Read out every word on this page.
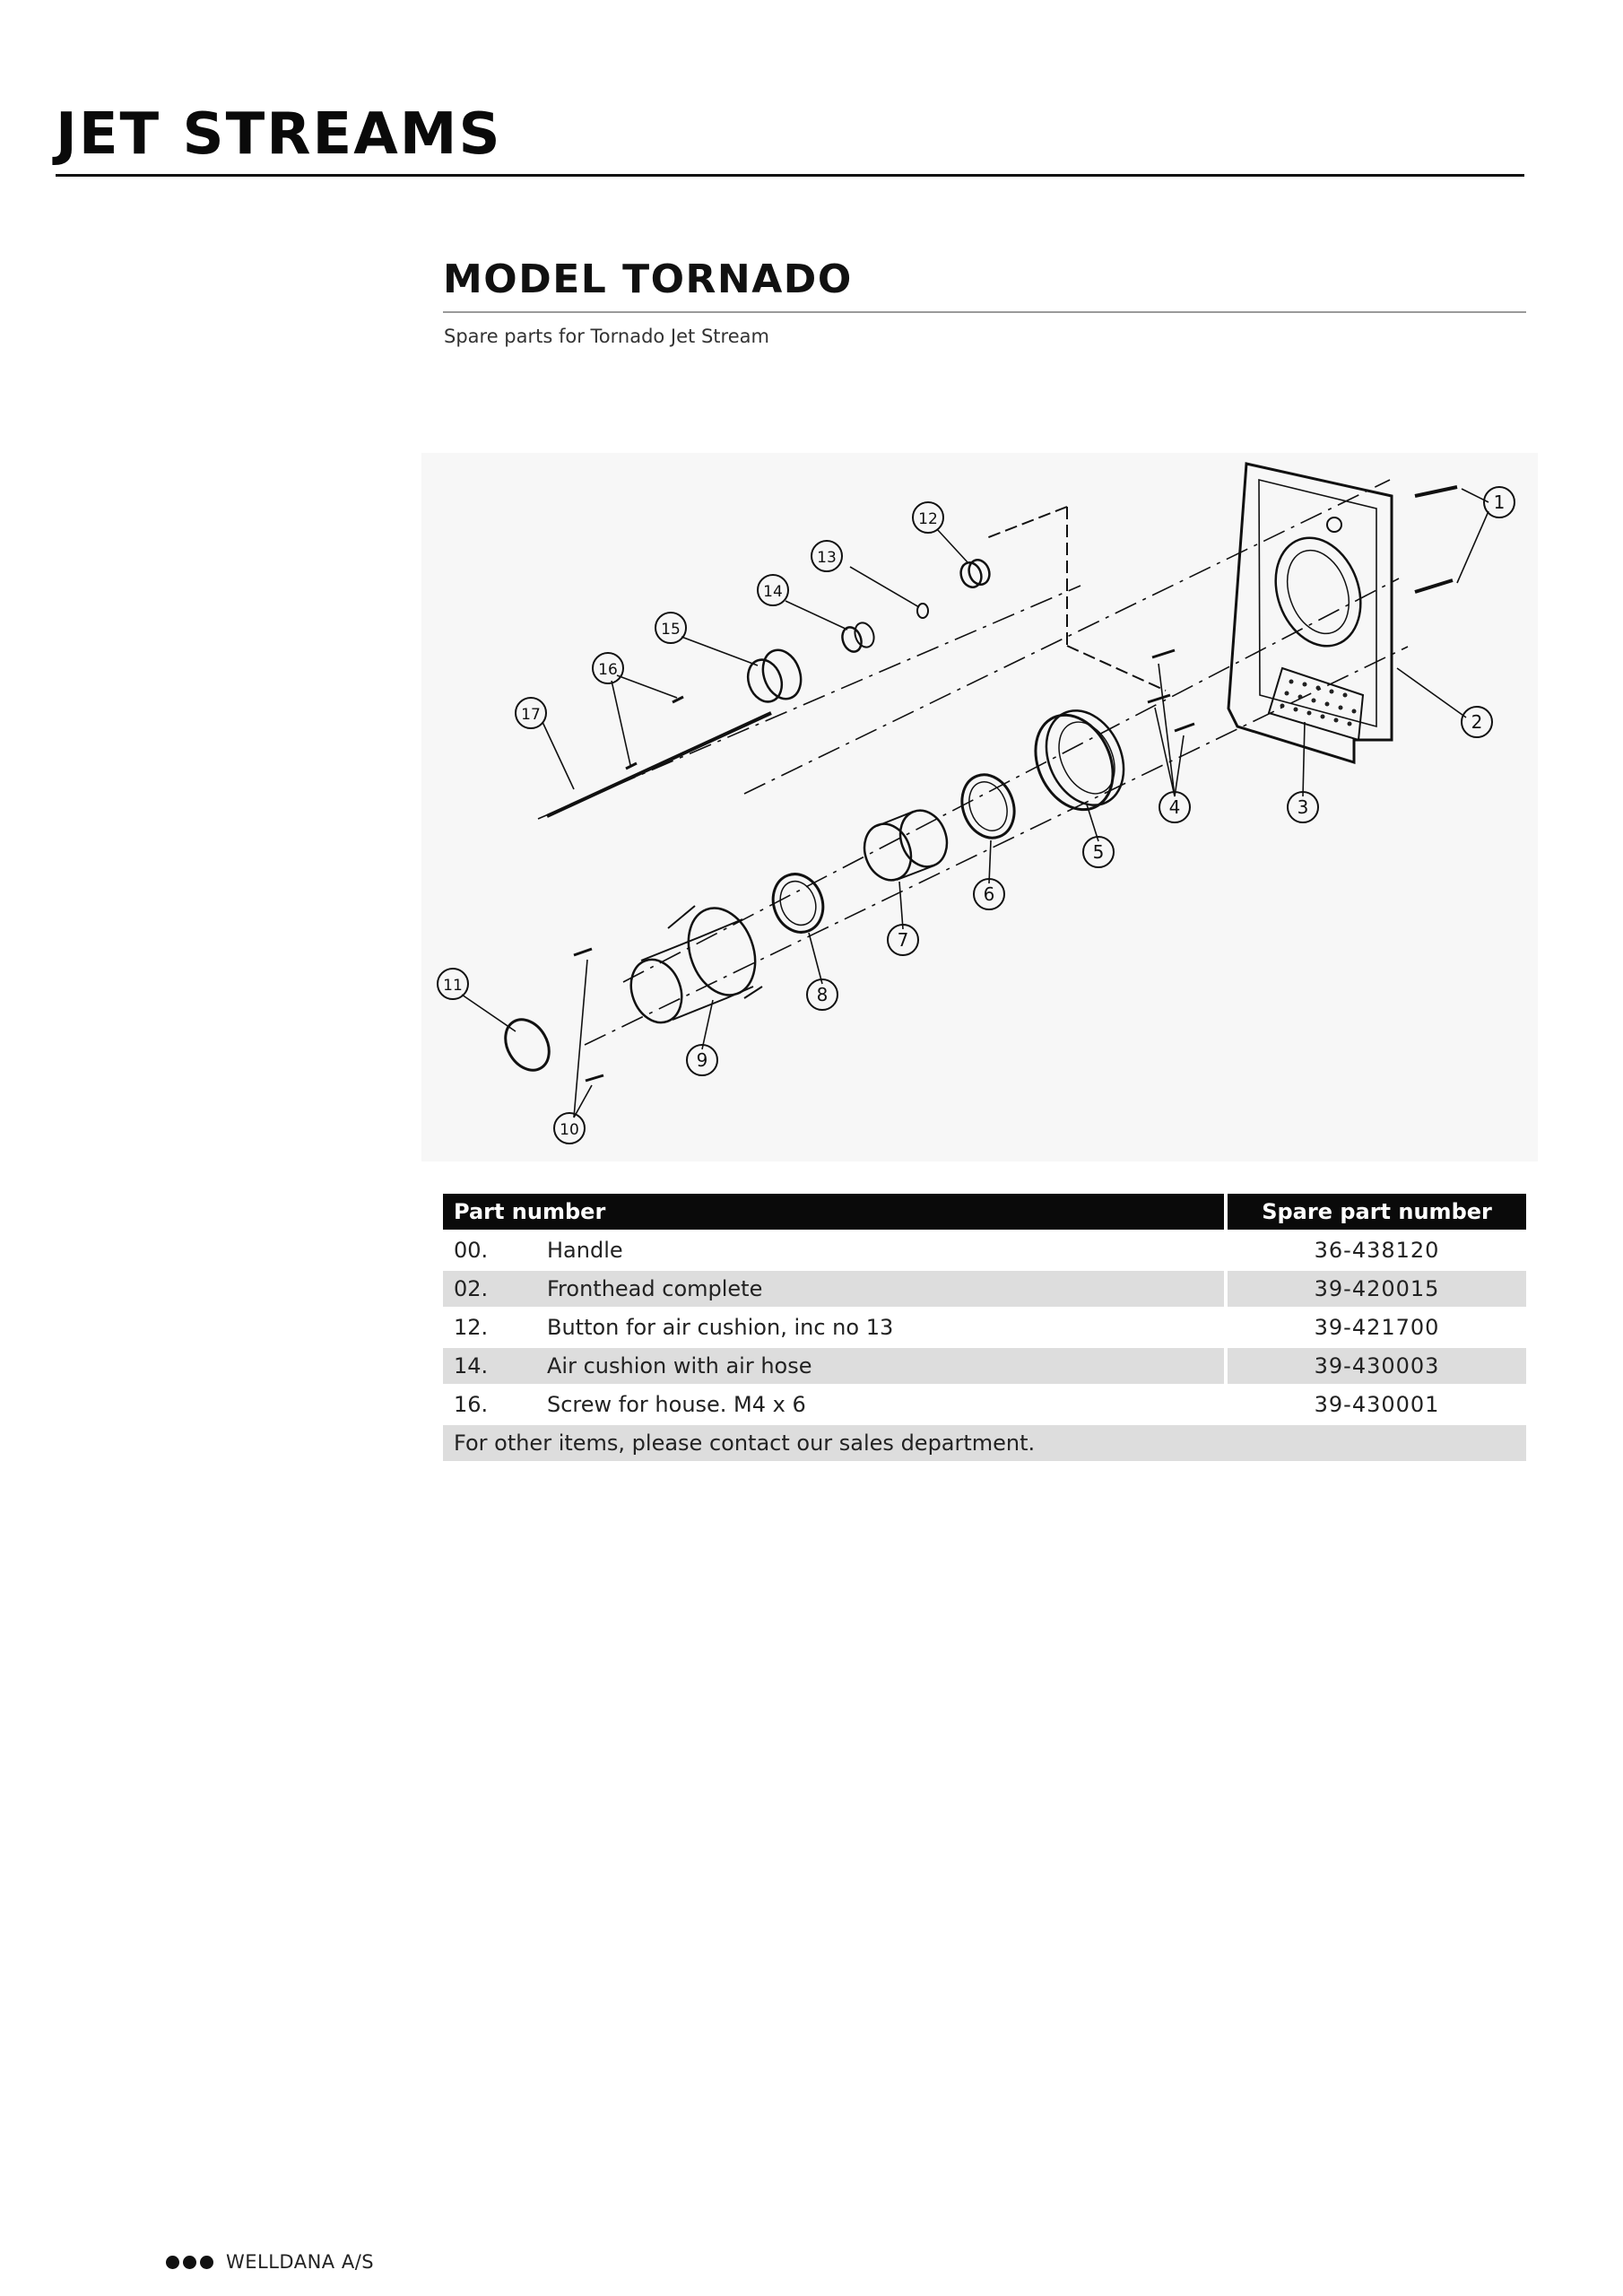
JET STREAMS
MODEL TORNADO
Spare parts for Tornado Jet Stream
1
2
3
4
5
6
7
8
9
10
11
12
13
14
15
16
17
Part number		Spare part number
00.	Handle	36-438120
02.	Fronthead complete	39-420015
12.	Button for air cushion, inc no 13	39-421700
14.	Air cushion with air hose	39-430003
16.	Screw for house. M4 x 6	39-430001
For other items, please contact our sales department.		
WELLDANA A/S
